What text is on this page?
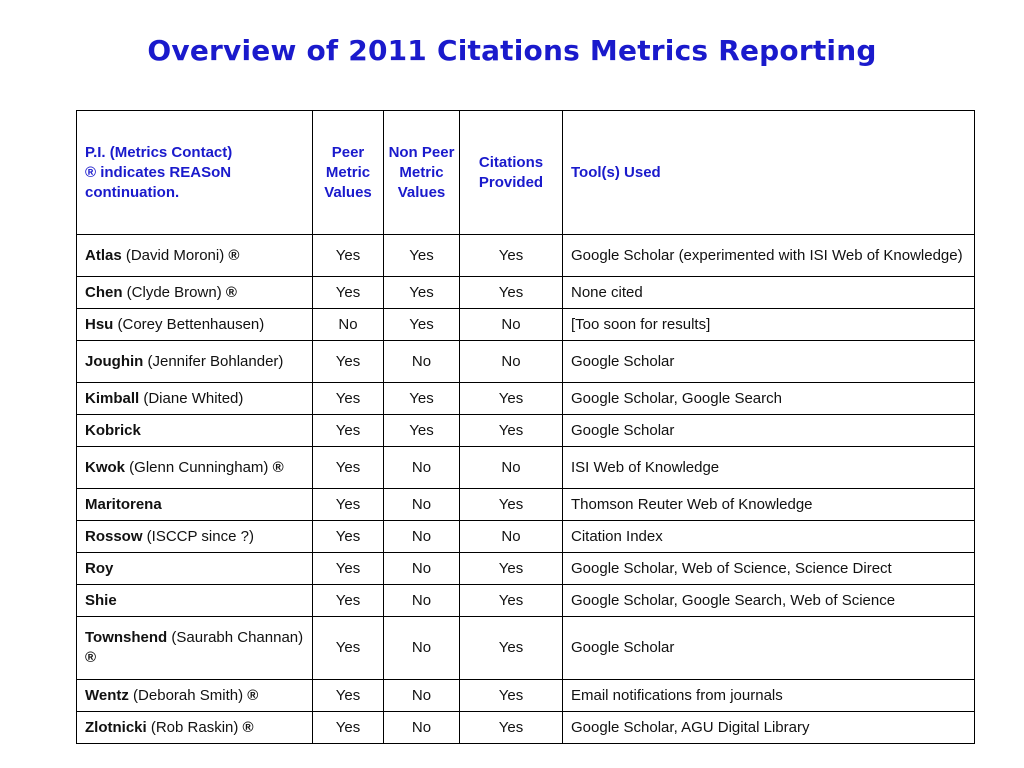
Overview of 2011 Citations Metrics Reporting
P.I. (Metrics Contact)
® indicates REASoN
continuation.	Peer Metric Values	Non Peer Metric Values	Citations Provided	Tool(s) Used
Atlas (David Moroni) ®	Yes	Yes	Yes	Google Scholar (experimented with ISI Web of Knowledge)
Chen (Clyde Brown) ®	Yes	Yes	Yes	None cited
Hsu (Corey Bettenhausen)	No	Yes	No	[Too soon for results]
Joughin (Jennifer Bohlander)	Yes	No	No	Google Scholar
Kimball (Diane Whited)	Yes	Yes	Yes	Google Scholar, Google Search
Kobrick	Yes	Yes	Yes	Google Scholar
Kwok (Glenn Cunningham) ®	Yes	No	No	ISI Web of Knowledge
Maritorena	Yes	No	Yes	Thomson Reuter Web of Knowledge
Rossow (ISCCP since ?)	Yes	No	No	Citation Index
Roy	Yes	No	Yes	Google Scholar, Web of Science, Science Direct
Shie	Yes	No	Yes	Google Scholar, Google Search, Web of Science
Townshend (Saurabh Channan) ®	Yes	No	Yes	Google Scholar
Wentz (Deborah Smith) ®	Yes	No	Yes	Email notifications from journals
Zlotnicki (Rob Raskin) ®	Yes	No	Yes	Google Scholar, AGU Digital Library
